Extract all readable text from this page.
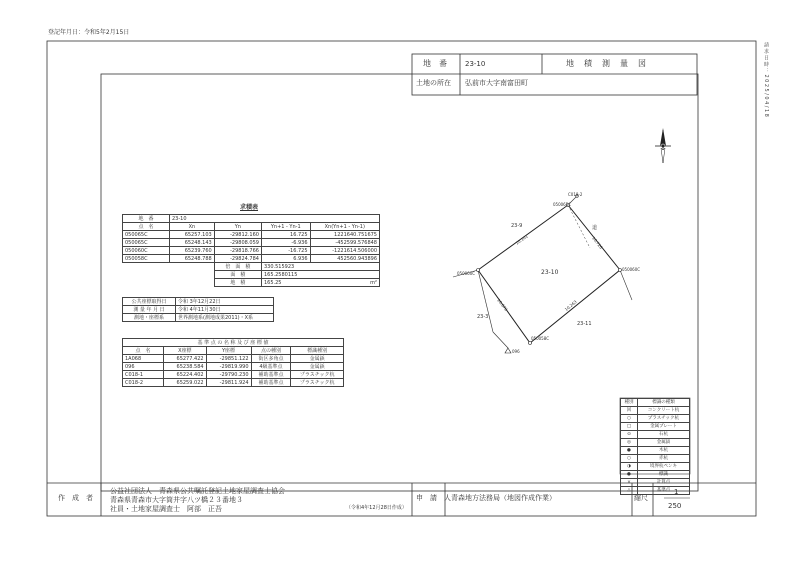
登記年月日：令和5年2月15日
請求日時：2025/04/18
地　番	23-10	地　積　測　量　図
土地の所在 弘前市大字南富田町
求積表
地　番	23-10			
点　名	Xn	Yn	Yn+1 - Yn-1	Xn(Yn+1 - Yn-1)
050065C	65257.103	-29812.160	16.725	1221640.751675
050065C	65248.143	-29808.059	-6.936	-452599.576848
050060C	65239.760	-29818.766	-16.725	-1221614.506000
050058C	65248.788	-29824.784	6.936	452560.943896
		倍　面　積	330.515923	
		面　積	165.2580115	
		地　積	165.25 m²	
公共座標取得日	令和 3年12月22日
測 量 年 月 日	令和 4年11月30日
測地・座標系	世界測地系(測地成果2011)・X系
基 準 点 の 名 称 及 び 座 標 値				
点　名	X座標	Y座標	点の種別	標識種別
1A068	65277.422	-29851.122	街区多角点	金属鋲
096	65238.584	-29819.990	4級基準点	金属鋲
C018-1	65224.402	-29790.230	補助基準点	プラスチック杭
C018-2	65259.022	-29811.924	補助基準点	プラスチック杭
23-10
23-9
23-3
23-11
道
050065C
050060C
050060C
050058C
C018-2
096
10.101	10.726
10.263
10.673
種別	標識の種類
回	コンクリート杭
○	プラスチック杭
□	金属プレート
⊙	石杭
◎	金属鋲
●	木杭
○	赤杭
◑	境界杭ペンキ
●	標識
×	計算点
△	基準点
作　成　者
公益社団法人　青森県公共嘱託登記土地家屋調査士協会
青森県青森市大字筒井字八ツ橋２３番地３
社員・土地家屋調査士　阿部　正吾	（令和4年12月28日作成）
申　請　人 青森地方法務局（地図作成作業）	縮尺
1
250
